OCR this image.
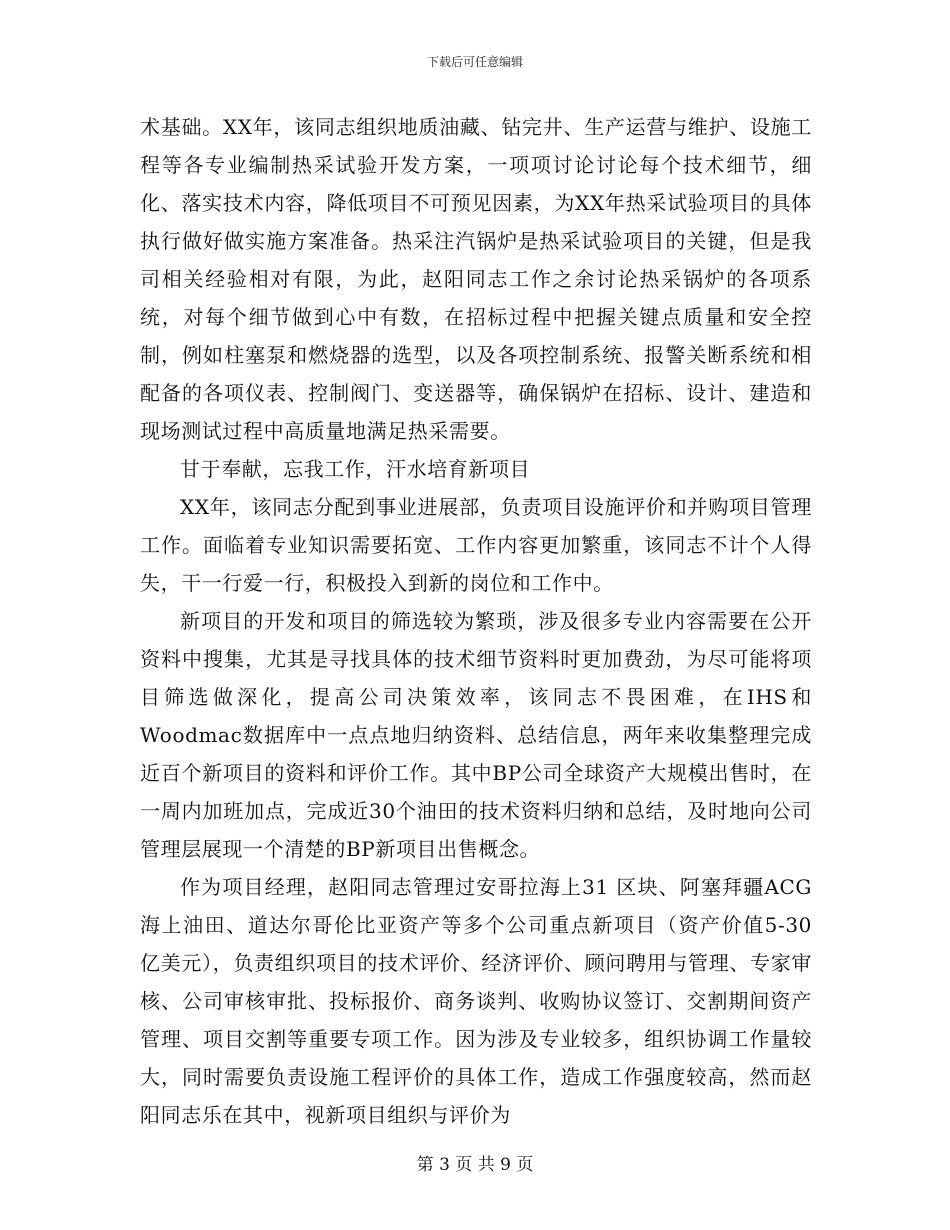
下载后可任意编辑

术基础。XX年，该同志组织地质油藏、钻完井、生产运营与维护、设施工程等各专业编制热采试验开发方案，一项项讨论讨论每个技术细节，细化、落实技术内容，降低项目不可预见因素，为XX年热采试验项目的具体执行做好做实施方案准备。热采注汽锅炉是热采试验项目的关键，但是我司相关经验相对有限，为此，赵阳同志工作之余讨论热采锅炉的各项系统，对每个细节做到心中有数，在招标过程中把握关键点质量和安全控制，例如柱塞泵和燃烧器的选型，以及各项控制系统、报警关断系统和相配备的各项仪表、控制阀门、变送器等，确保锅炉在招标、设计、建造和现场测试过程中高质量地满足热采需要。

甘于奉献，忘我工作，汗水培育新项目

XX年，该同志分配到事业进展部，负责项目设施评价和并购项目管理工作。面临着专业知识需要拓宽、工作内容更加繁重，该同志不计个人得失，干一行爱一行，积极投入到新的岗位和工作中。

新项目的开发和项目的筛选较为繁琐，涉及很多专业内容需要在公开资料中搜集，尤其是寻找具体的技术细节资料时更加费劲，为尽可能将项目筛选做深化，提高公司决策效率，该同志不畏困难，在IHS和Woodmac数据库中一点点地归纳资料、总结信息，两年来收集整理完成近百个新项目的资料和评价工作。其中BP公司全球资产大规模出售时，在一周内加班加点，完成近30个油田的技术资料归纳和总结，及时地向公司管理层展现一个清楚的BP新项目出售概念。

作为项目经理，赵阳同志管理过安哥拉海上31 区块、阿塞拜疆ACG 海上油田、道达尔哥伦比亚资产等多个公司重点新项目（资产价值5-30 亿美元），负责组织项目的技术评价、经济评价、顾问聘用与管理、专家审核、公司审核审批、投标报价、商务谈判、收购协议签订、交割期间资产管理、项目交割等重要专项工作。因为涉及专业较多，组织协调工作量较大，同时需要负责设施工程评价的具体工作，造成工作强度较高，然而赵阳同志乐在其中，视新项目组织与评价为

第 3 页 共 9 页
